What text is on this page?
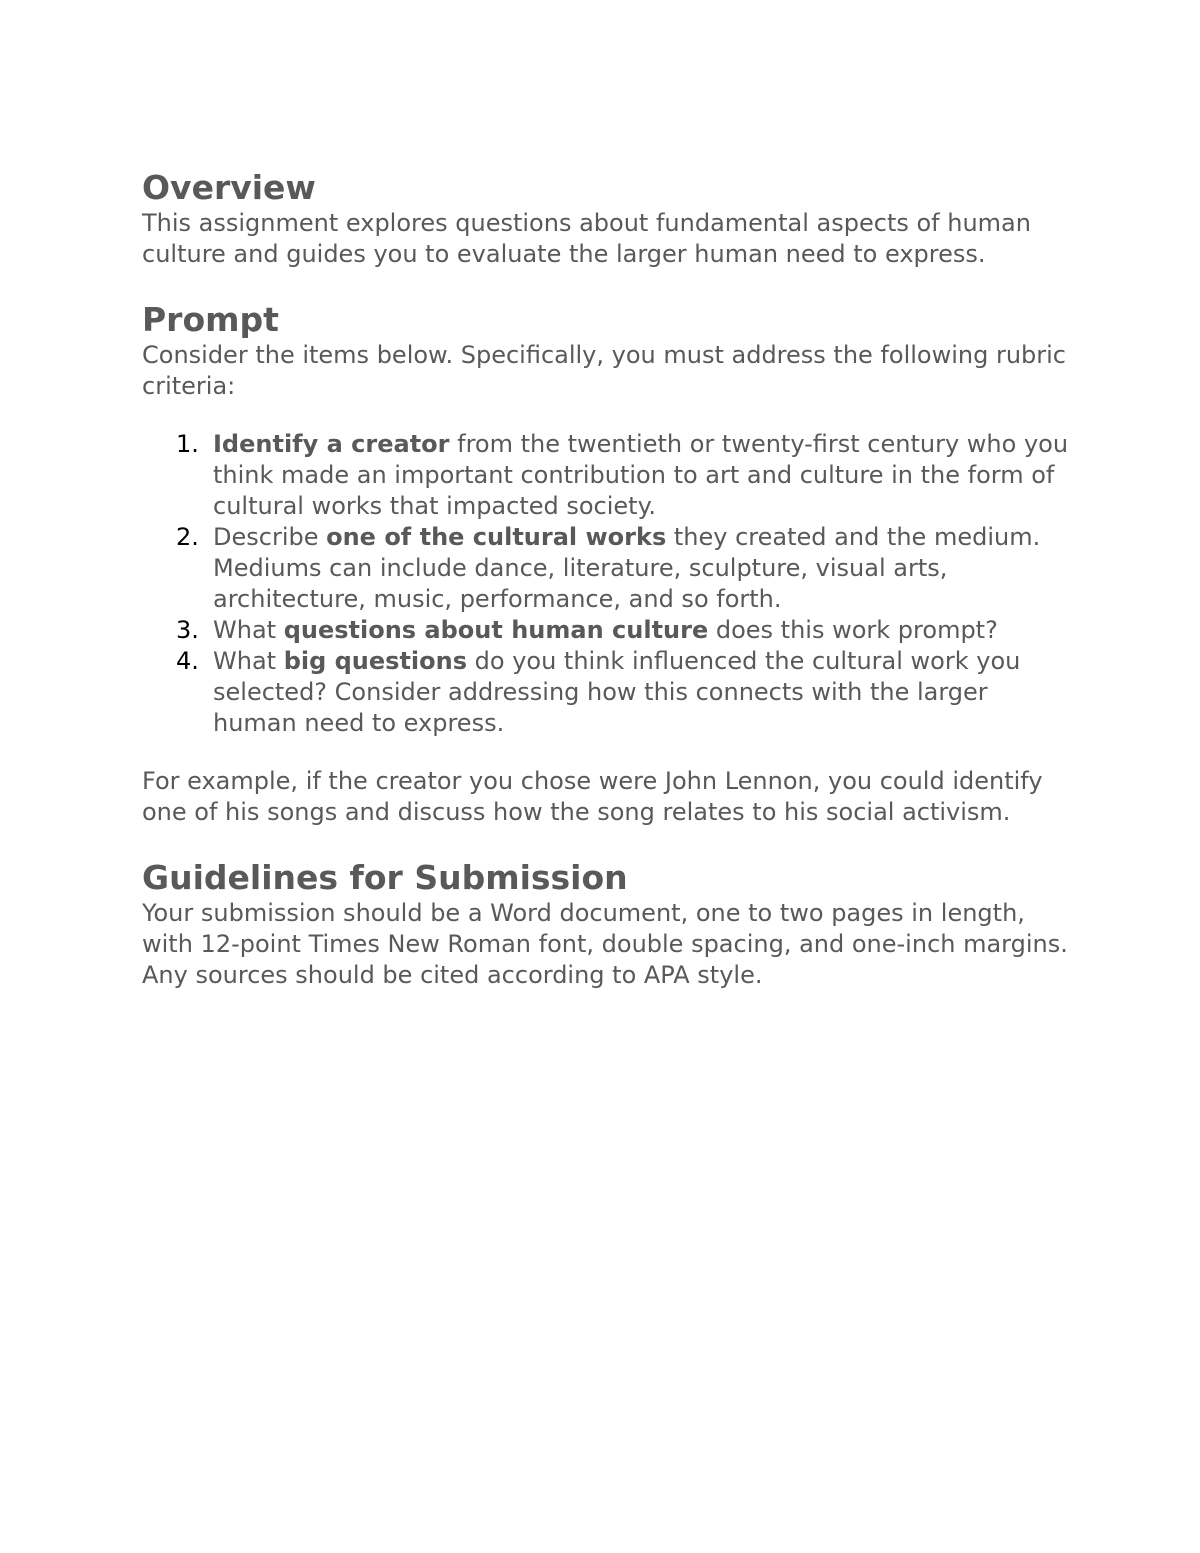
Overview

This assignment explores questions about fundamental aspects of human culture and guides you to evaluate the larger human need to express.

Prompt

Consider the items below. Specifically, you must address the following rubric criteria:

1. Identify a creator from the twentieth or twenty-first century who you think made an important contribution to art and culture in the form of cultural works that impacted society.
2. Describe one of the cultural works they created and the medium. Mediums can include dance, literature, sculpture, visual arts, architecture, music, performance, and so forth.
3. What questions about human culture does this work prompt?
4. What big questions do you think influenced the cultural work you selected? Consider addressing how this connects with the larger human need to express.

For example, if the creator you chose were John Lennon, you could identify one of his songs and discuss how the song relates to his social activism.

Guidelines for Submission

Your submission should be a Word document, one to two pages in length, with 12-point Times New Roman font, double spacing, and one-inch margins. Any sources should be cited according to APA style.
